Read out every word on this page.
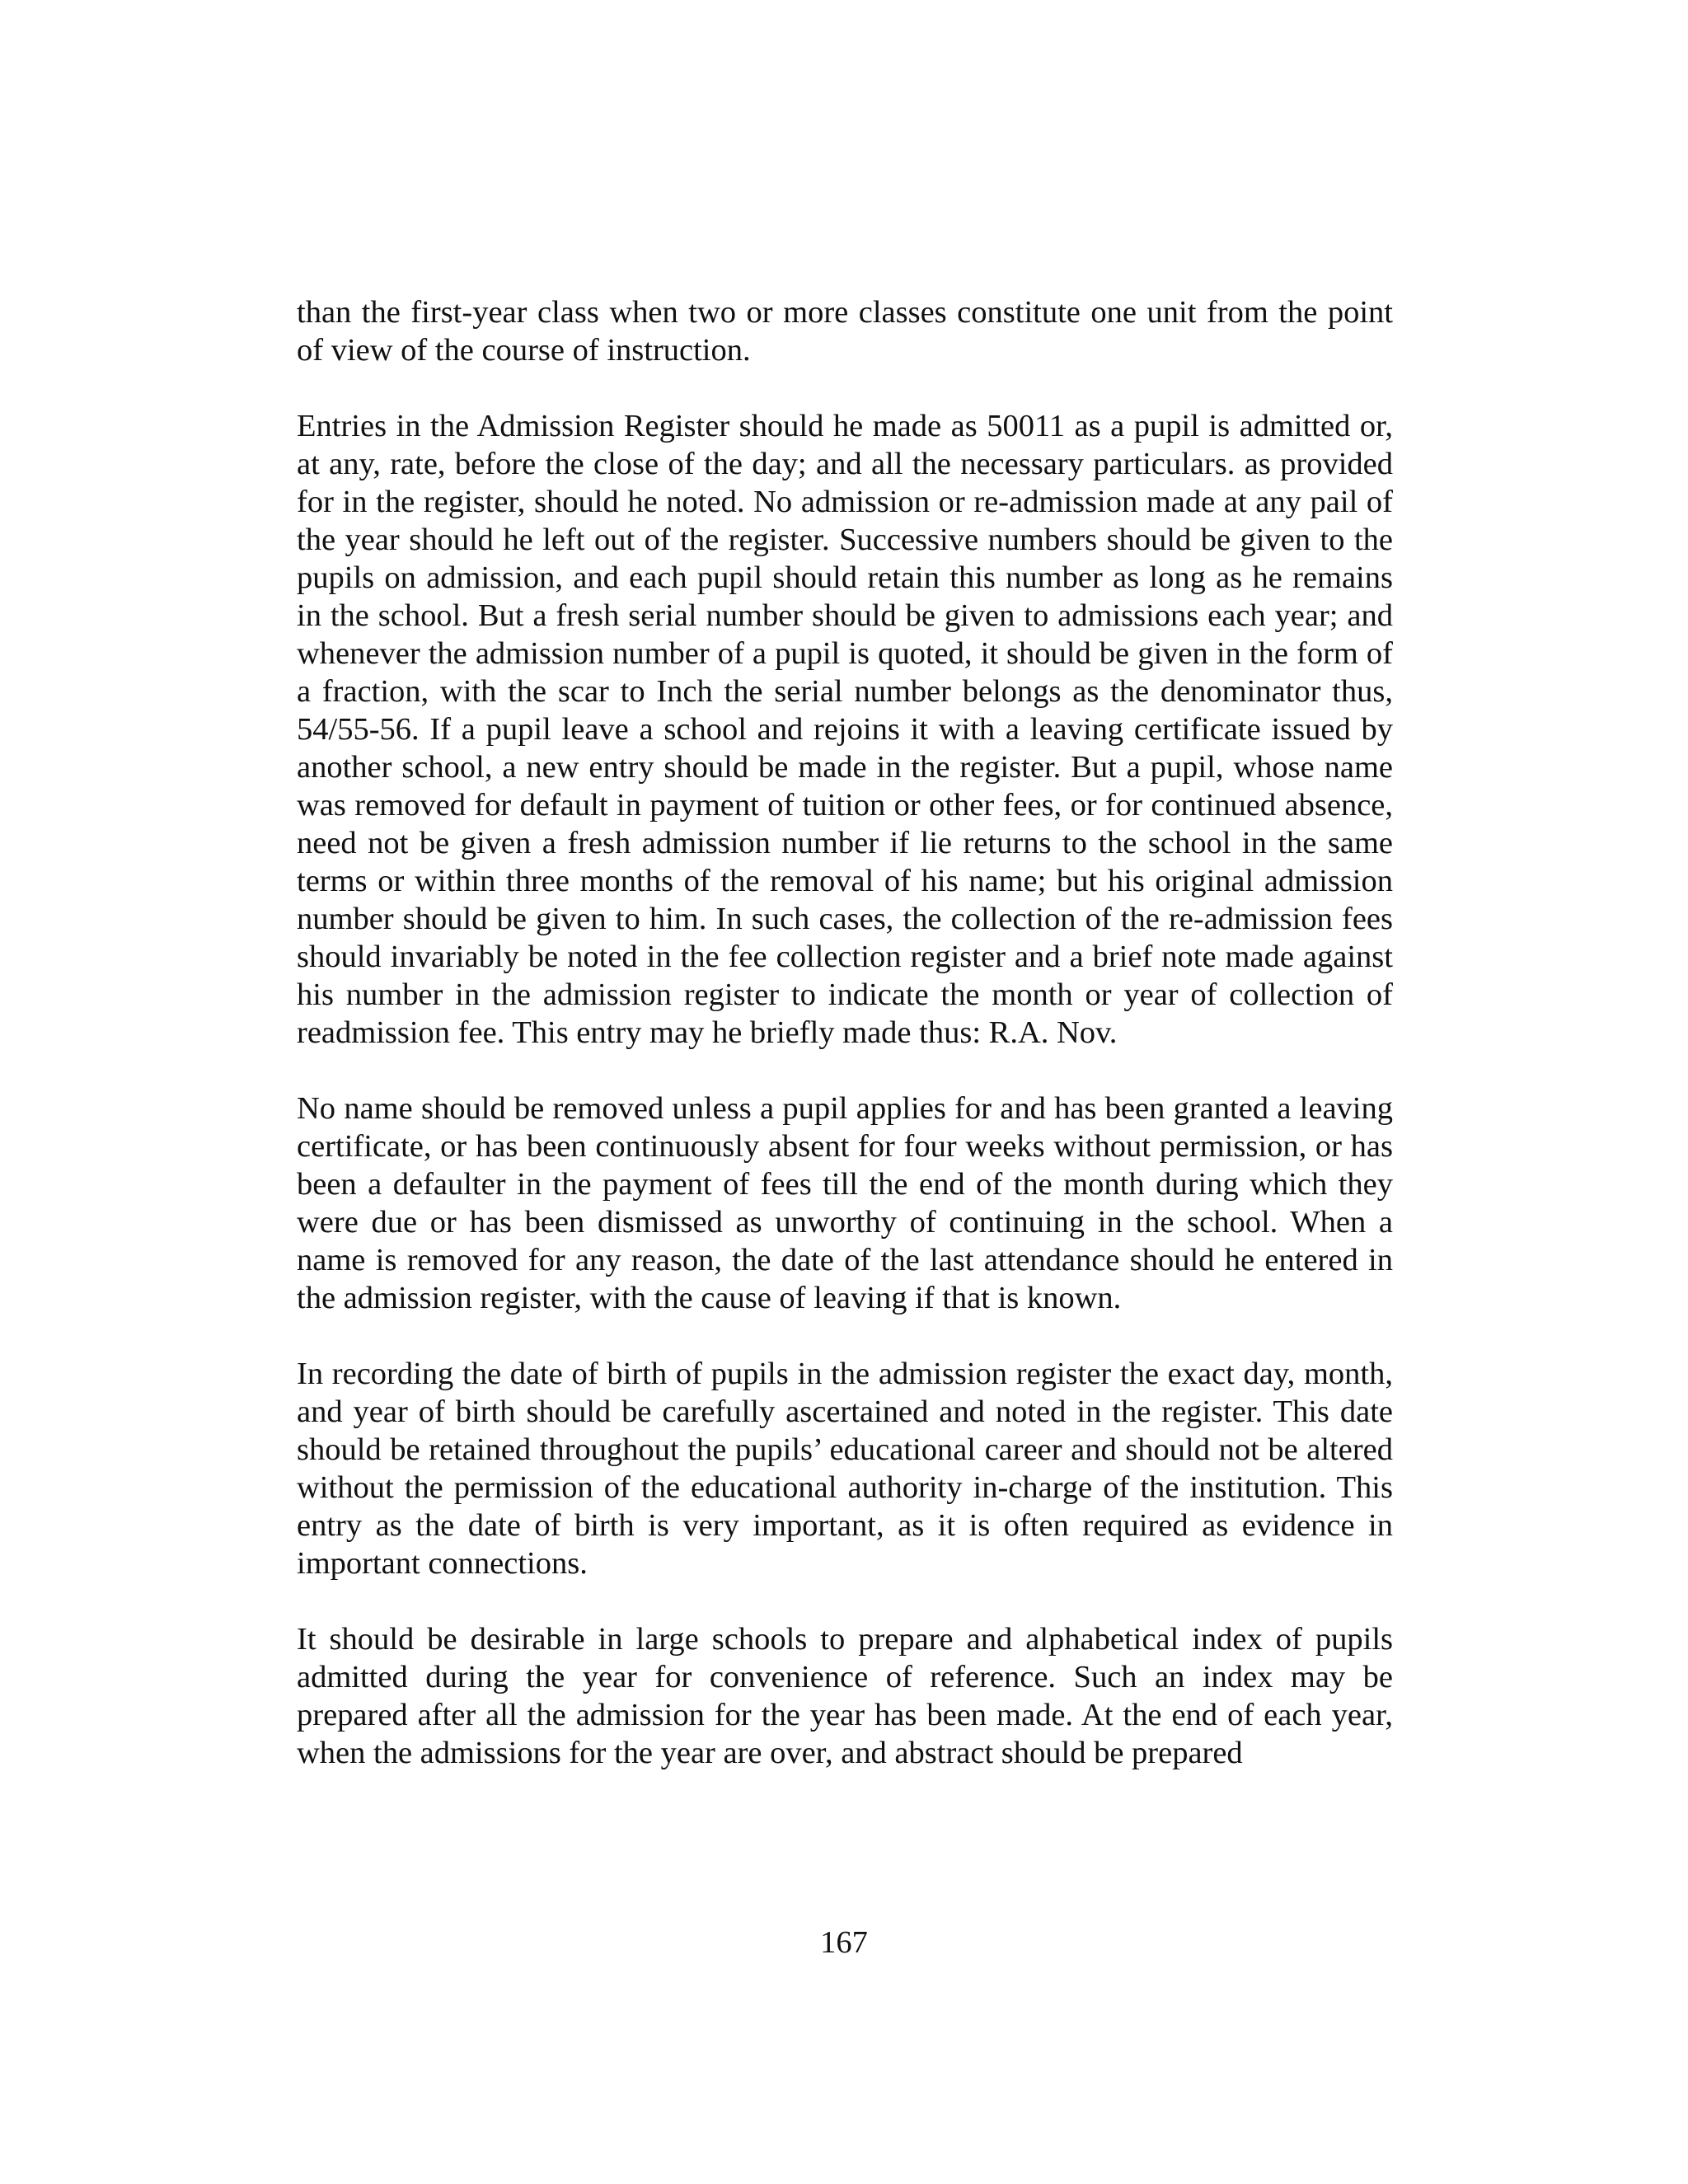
than the first-year class when two or more classes constitute one unit from the point of view of the course of instruction.

Entries in the Admission Register should he made as 50011 as a pupil is admitted or, at any, rate, before the close of the day; and all the necessary particulars. as provided for in the register, should he noted. No admission or re-admission made at any pail of the year should he left out of the register. Successive numbers should be given to the pupils on admission, and each pupil should retain this number as long as he remains in the school. But a fresh serial number should be given to admissions each year; and whenever the admission number of a pupil is quoted, it should be given in the form of a fraction, with the scar to Inch the serial number belongs as the denominator thus, 54/55-56. If a pupil leave a school and rejoins it with a leaving certificate issued by another school, a new entry should be made in the register. But a pupil, whose name was removed for default in payment of tuition or other fees, or for continued absence, need not be given a fresh admission number if lie returns to the school in the same terms or within three months of the removal of his name; but his original admission number should be given to him. In such cases, the collection of the re-admission fees should invariably be noted in the fee collection register and a brief note made against his number in the admission register to indicate the month or year of collection of readmission fee. This entry may he briefly made thus: R.A. Nov.

No name should be removed unless a pupil applies for and has been granted a leaving certificate, or has been continuously absent for four weeks without permission, or has been a defaulter in the payment of fees till the end of the month during which they were due or has been dismissed as unworthy of continuing in the school. When a name is removed for any reason, the date of the last attendance should he entered in the admission register, with the cause of leaving if that is known.

In recording the date of birth of pupils in the admission register the exact day, month, and year of birth should be carefully ascertained and noted in the register. This date should be retained throughout the pupils’ educational career and should not be altered without the permission of the educational authority in-charge of the institution. This entry as the date of birth is very important, as it is often required as evidence in important connections.

It should be desirable in large schools to prepare and alphabetical index of pupils admitted during the year for convenience of reference. Such an index may be prepared after all the admission for the year has been made. At the end of each year, when the admissions for the year are over, and abstract should be prepared

167
